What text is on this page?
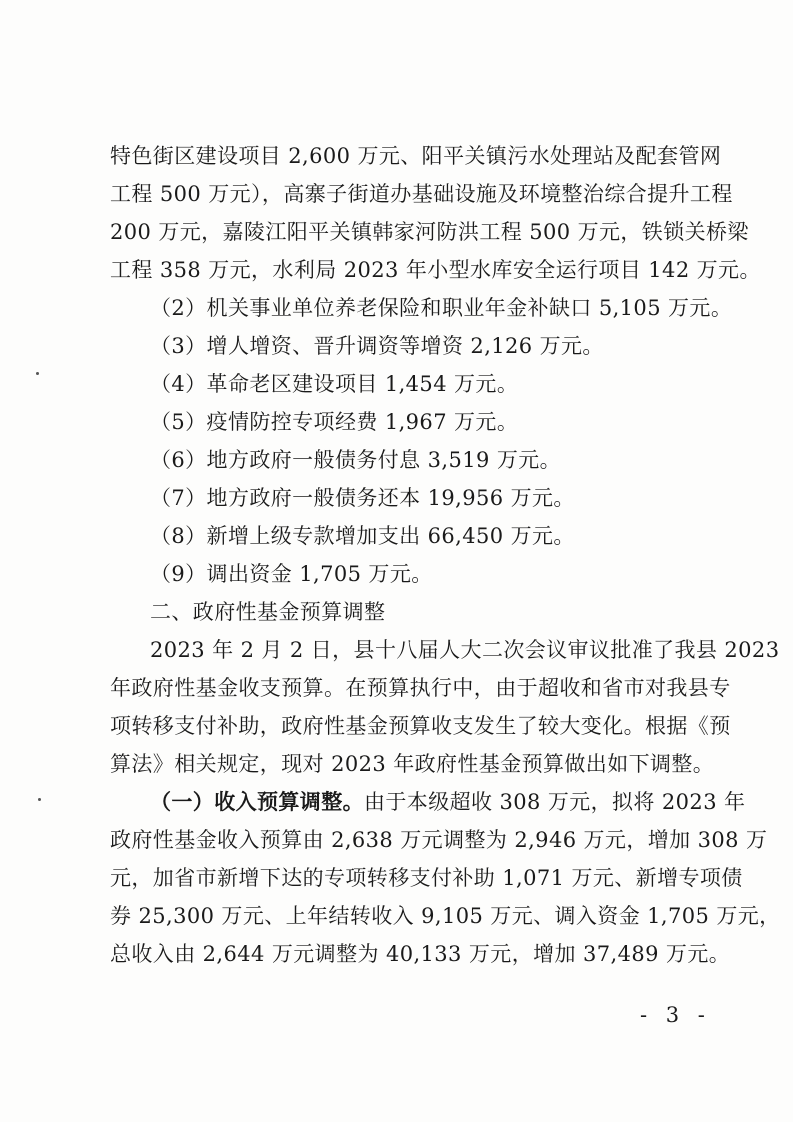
特色街区建设项目 2,600 万元、阳平关镇污水处理站及配套管网
工程 500 万元），高寨子街道办基础设施及环境整治综合提升工程
200 万元，嘉陵江阳平关镇韩家河防洪工程 500 万元，铁锁关桥梁
工程 358 万元，水利局 2023 年小型水库安全运行项目 142 万元。
（2）机关事业单位养老保险和职业年金补缺口 5,105 万元。
（3）增人增资、晋升调资等增资 2,126 万元。
（4）革命老区建设项目 1,454 万元。
（5）疫情防控专项经费 1,967 万元。
（6）地方政府一般债务付息 3,519 万元。
（7）地方政府一般债务还本 19,956 万元。
（8）新增上级专款增加支出 66,450 万元。
（9）调出资金 1,705 万元。
二、政府性基金预算调整
2023 年 2 月 2 日，县十八届人大二次会议审议批准了我县 2023
年政府性基金收支预算。在预算执行中，由于超收和省市对我县专
项转移支付补助，政府性基金预算收支发生了较大变化。根据《预
算法》相关规定，现对 2023 年政府性基金预算做出如下调整。
（一）收入预算调整。由于本级超收 308 万元，拟将 2023 年
政府性基金收入预算由 2,638 万元调整为 2,946 万元，增加 308 万
元，加省市新增下达的专项转移支付补助 1,071 万元、新增专项债
券 25,300 万元、上年结转收入 9,105 万元、调入资金 1,705 万元，
总收入由 2,644 万元调整为 40,133 万元，增加 37,489 万元。
- 3 -
